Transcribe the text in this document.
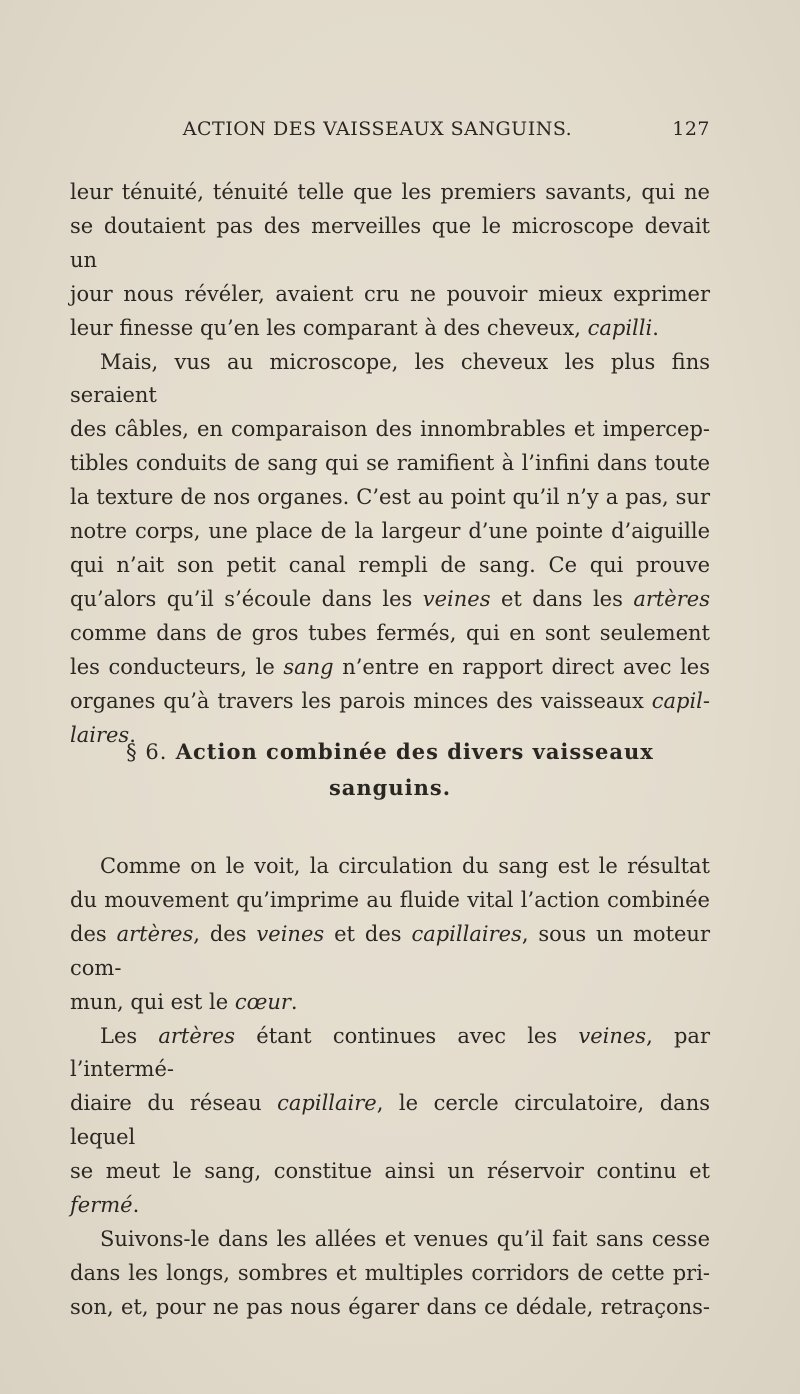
ACTION DES VAISSEAUX SANGUINS.	127

leur ténuité, ténuité telle que les premiers savants, qui ne

se doutaient pas des merveilles que le microscope devait un

jour nous révéler, avaient cru ne pouvoir mieux exprimer

leur finesse qu’en les comparant à des cheveux, capilli.

Mais, vus au microscope, les cheveux les plus fins seraient

des câbles, en comparaison des innombrables et impercep-

tibles conduits de sang qui se ramifient à l’infini dans toute

la texture de nos organes. C’est au point qu’il n’y a pas, sur

notre corps, une place de la largeur d’une pointe d’aiguille

qui n’ait son petit canal rempli de sang. Ce qui prouve

qu’alors qu’il s’écoule dans les veines et dans les artères

comme dans de gros tubes fermés, qui en sont seulement

les conducteurs, le sang n’entre en rapport direct avec les

organes qu’à travers les parois minces des vaisseaux capil-

laires.

§ 6. Action combinée des divers vaisseaux
sanguins.

Comme on le voit, la circulation du sang est le résultat

du mouvement qu’imprime au fluide vital l’action combinée

des artères, des veines et des capillaires, sous un moteur com-

mun, qui est le cœur.

Les artères étant continues avec les veines, par l’intermé-

diaire du réseau capillaire, le cercle circulatoire, dans lequel

se meut le sang, constitue ainsi un réservoir continu et

fermé.

Suivons-le dans les allées et venues qu’il fait sans cesse

dans les longs, sombres et multiples corridors de cette pri-

son, et, pour ne pas nous égarer dans ce dédale, retraçons-
